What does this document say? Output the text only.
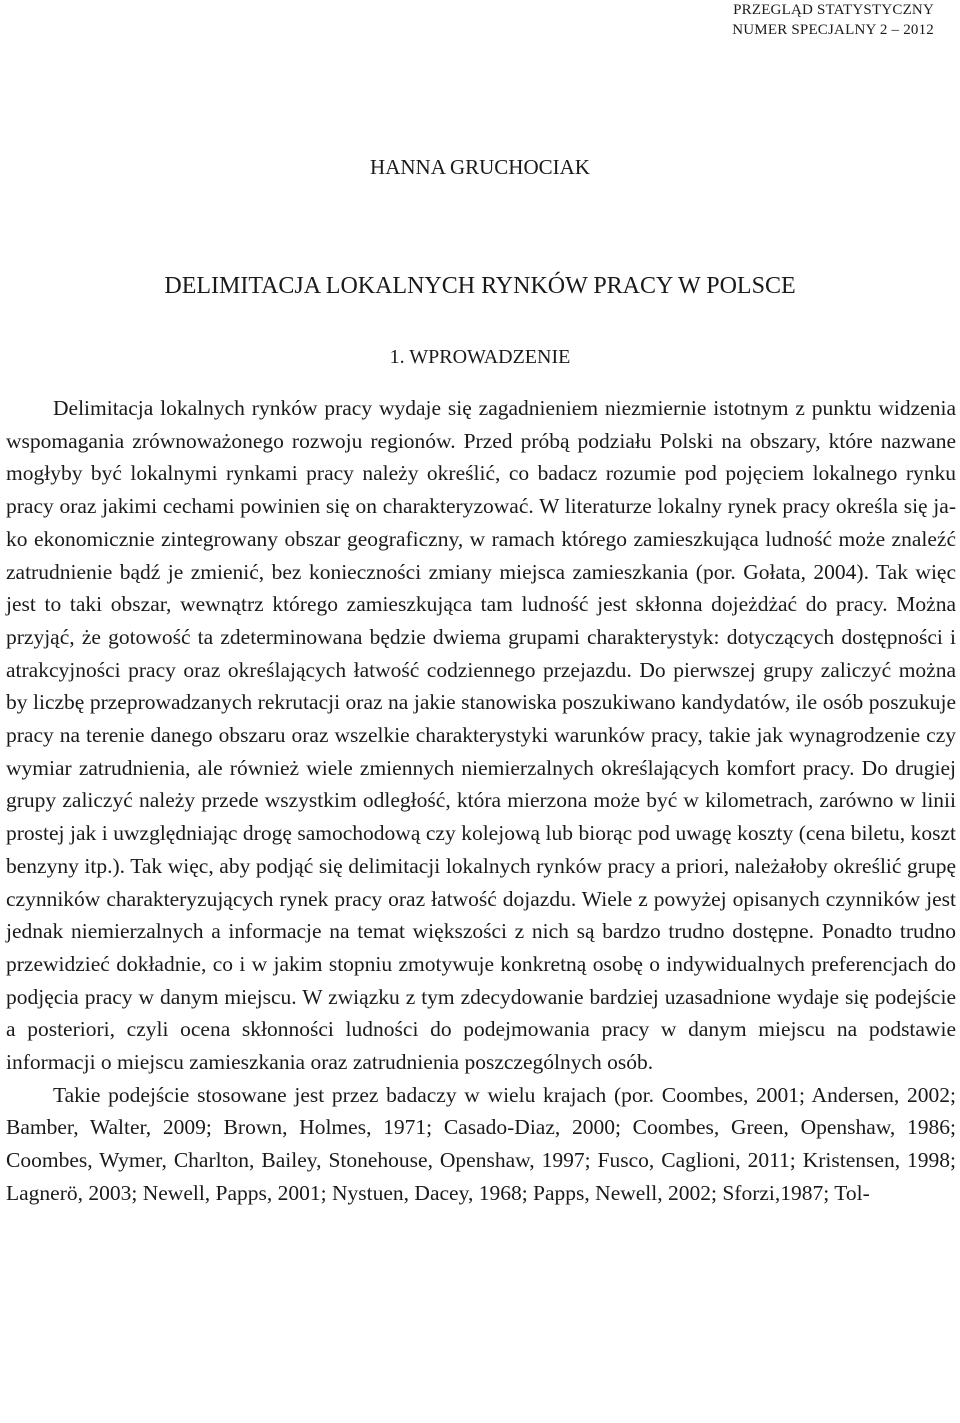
PRZEGLĄD STATYSTYCZNY
NUMER SPECJALNY 2 – 2012
HANNA GRUCHOCIAK
DELIMITACJA LOKALNYCH RYNKÓW PRACY W POLSCE
1. WPROWADZENIE

Delimitacja lokalnych rynków pracy wydaje się zagadnieniem niezmiernie istotnym z punktu widzenia wspomagania zrównoważonego rozwoju regionów. Przed próbą podziału Polski na obszary, które nazwane mogłyby być lokalnymi rynkami pracy należy określić, co badacz rozumie pod pojęciem lokalnego rynku pracy oraz jakimi cechami powinien się on charakteryzować. W literaturze lokalny rynek pracy określa się jako ekonomicznie zintegrowany obszar geograficzny, w ramach którego zamieszkująca ludność może znaleźć zatrudnienie bądź je zmienić, bez konieczności zmiany miejsca zamieszkania (por. Gołata, 2004). Tak więc jest to taki obszar, wewnątrz którego zamieszkująca tam ludność jest skłonna dojeżdżać do pracy. Można przyjąć, że gotowość ta zdeterminowana będzie dwiema grupami charakterystyk: dotyczących dostępności i atrakcyjności pracy oraz określających łatwość codziennego przejazdu. Do pierwszej grupy zaliczyć można by liczbę przeprowadzanych rekrutacji oraz na jakie stanowiska poszukiwano kandydatów, ile osób poszukuje pracy na terenie danego obszaru oraz wszelkie charakterystyki warunków pracy, takie jak wynagrodzenie czy wymiar zatrudnienia, ale również wiele zmiennych niemierzalnych określających komfort pracy. Do drugiej grupy zaliczyć należy przede wszystkim odległość, która mierzona może być w kilometrach, zarówno w linii prostej jak i uwzględniając drogę samochodową czy kolejową lub biorąc pod uwagę koszty (cena biletu, koszt benzyny itp.). Tak więc, aby podjąć się delimitacji lokalnych rynków pracy a priori, należałoby określić grupę czynników charakteryzujących rynek pracy oraz łatwość dojazdu. Wiele z powyżej opisanych czynników jest jednak niemierzalnych a informacje na temat większości z nich są bardzo trudno dostępne. Ponadto trudno przewidzieć dokładnie, co i w jakim stopniu zmotywuje konkretną osobę o indywidualnych preferencjach do podjęcia pracy w danym miejscu. W związku z tym zdecydowanie bardziej uzasadnione wydaje się podejście a posteriori, czyli ocena skłonności ludności do podejmowania pracy w danym miejscu na podstawie informacji o miejscu zamieszkania oraz zatrudnienia poszczególnych osób.

Takie podejście stosowane jest przez badaczy w wielu krajach (por. Coombes, 2001; Andersen, 2002; Bamber, Walter, 2009; Brown, Holmes, 1971; Casado-Diaz, 2000; Coombes, Green, Openshaw, 1986; Coombes, Wymer, Charlton, Bailey, Stonehouse, Openshaw, 1997; Fusco, Caglioni, 2011; Kristensen, 1998; Lagnerö, 2003; Newell, Papps, 2001; Nystuen, Dacey, 1968; Papps, Newell, 2002; Sforzi,1987; Tol-
